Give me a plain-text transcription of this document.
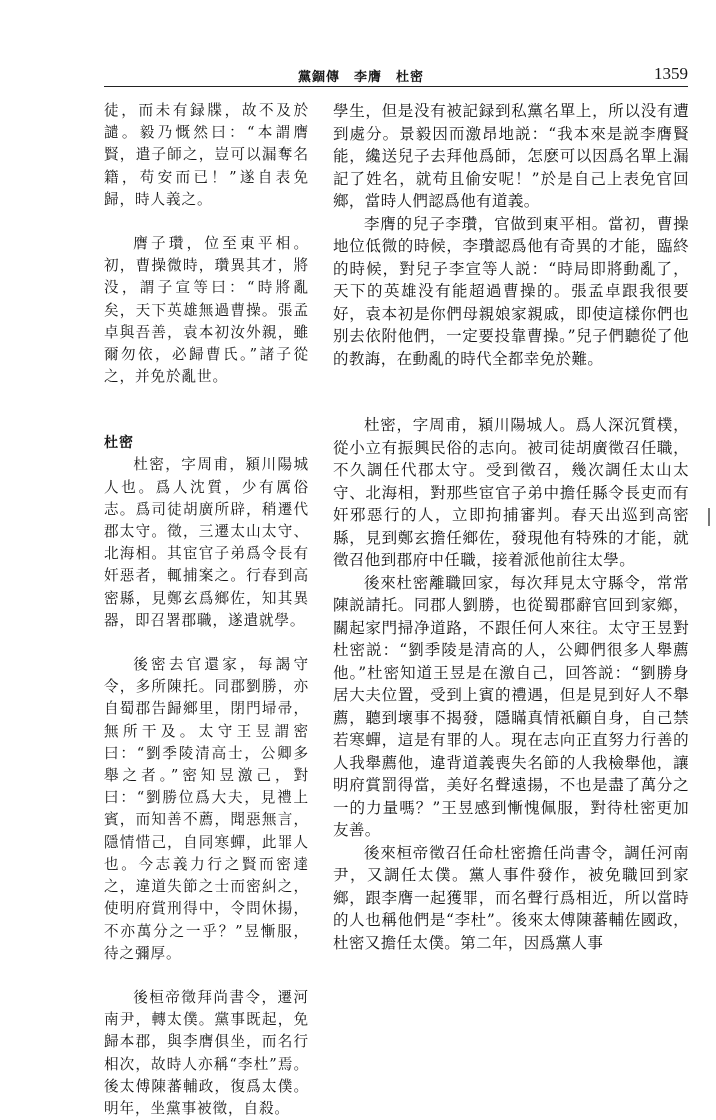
黨錮傳　李膺　杜密	1359

徒，而未有録牒，故不及於譴。毅乃慨然曰：“本謂膺賢，遣子師之，豈可以漏奪名籍，苟安而已！”遂自表免歸，時人義之。

膺子瓚，位至東平相。初，曹操微時，瓚異其才，將没，謂子宣等曰：“時將亂矣，天下英雄無過曹操。張孟卓與吾善，袁本初汝外親，雖爾勿依，必歸曹氏。”諸子從之，并免於亂世。

杜密

杜密，字周甫，潁川陽城人也。爲人沈質，少有厲俗志。爲司徒胡廣所辟，稍遷代郡太守。徵，三遷太山太守、北海相。其宦官子弟爲令長有奸惡者，輒捕案之。行春到高密縣，見鄭玄爲鄉佐，知其異器，即召署郡職，遂遣就學。

後密去官還家，每謁守令，多所陳托。同郡劉勝，亦自蜀郡告歸鄉里，閉門埽帚，無所干及。太守王昱謂密曰：“劉季陵清高士，公卿多舉之者。”密知昱激己，對曰：“劉勝位爲大夫，見禮上賓，而知善不薦，聞惡無言，隱情惜己，自同寒蟬，此罪人也。今志義力行之賢而密達之，違道失節之士而密糾之，使明府賞刑得中，令問休揚，不亦萬分之一乎？”昱慚服，待之彌厚。

後桓帝徵拜尚書令，遷河南尹，轉太僕。黨事既起，免歸本郡，與李膺俱坐，而名行相次，故時人亦稱“李杜”焉。後太傅陳蕃輔政，復爲太僕。明年，坐黨事被徵，自殺。

學生，但是没有被記録到私黨名單上，所以没有遭到處分。景毅因而激昂地説：“我本來是説李膺賢能，纔送兒子去拜他爲師，怎麽可以因爲名單上漏記了姓名，就苟且偷安呢！”於是自己上表免官回鄉，當時人們認爲他有道義。

李膺的兒子李瓚，官做到東平相。當初，曹操地位低微的時候，李瓚認爲他有奇異的才能，臨終的時候，對兒子李宣等人説：“時局即將動亂了，天下的英雄没有能超過曹操的。張孟卓跟我很要好，袁本初是你們母親娘家親戚，即使這樣你們也别去依附他們，一定要投靠曹操。”兒子們聽從了他的教誨，在動亂的時代全都幸免於難。

杜密，字周甫，潁川陽城人。爲人深沉質樸，從小立有振興民俗的志向。被司徒胡廣徵召任職，不久調任代郡太守。受到徵召，幾次調任太山太守、北海相，對那些宦官子弟中擔任縣令長吏而有奸邪惡行的人，立即拘捕審判。春天出巡到高密縣，見到鄭玄擔任鄉佐，發現他有特殊的才能，就徵召他到郡府中任職，接着派他前往太學。

後來杜密離職回家，每次拜見太守縣令，常常陳説請托。同郡人劉勝，也從蜀郡辭官回到家鄉，關起家門掃净道路，不跟任何人來往。太守王昱對杜密説：“劉季陵是清高的人，公卿們很多人舉薦他。”杜密知道王昱是在激自己，回答説：“劉勝身居大夫位置，受到上賓的禮遇，但是見到好人不舉薦，聽到壞事不揭發，隱瞞真情祇顧自身，自己禁若寒蟬，這是有罪的人。現在志向正直努力行善的人我舉薦他，違背道義喪失名節的人我檢舉他，讓明府賞罰得當，美好名聲遠揚，不也是盡了萬分之一的力量嗎？”王昱感到慚愧佩服，對待杜密更加友善。

後來桓帝徵召任命杜密擔任尚書令，調任河南尹，又調任太僕。黨人事件發作，被免職回到家鄉，跟李膺一起獲罪，而名聲行爲相近，所以當時的人也稱他們是“李杜”。後來太傅陳蕃輔佐國政，杜密又擔任太僕。第二年，因爲黨人事
